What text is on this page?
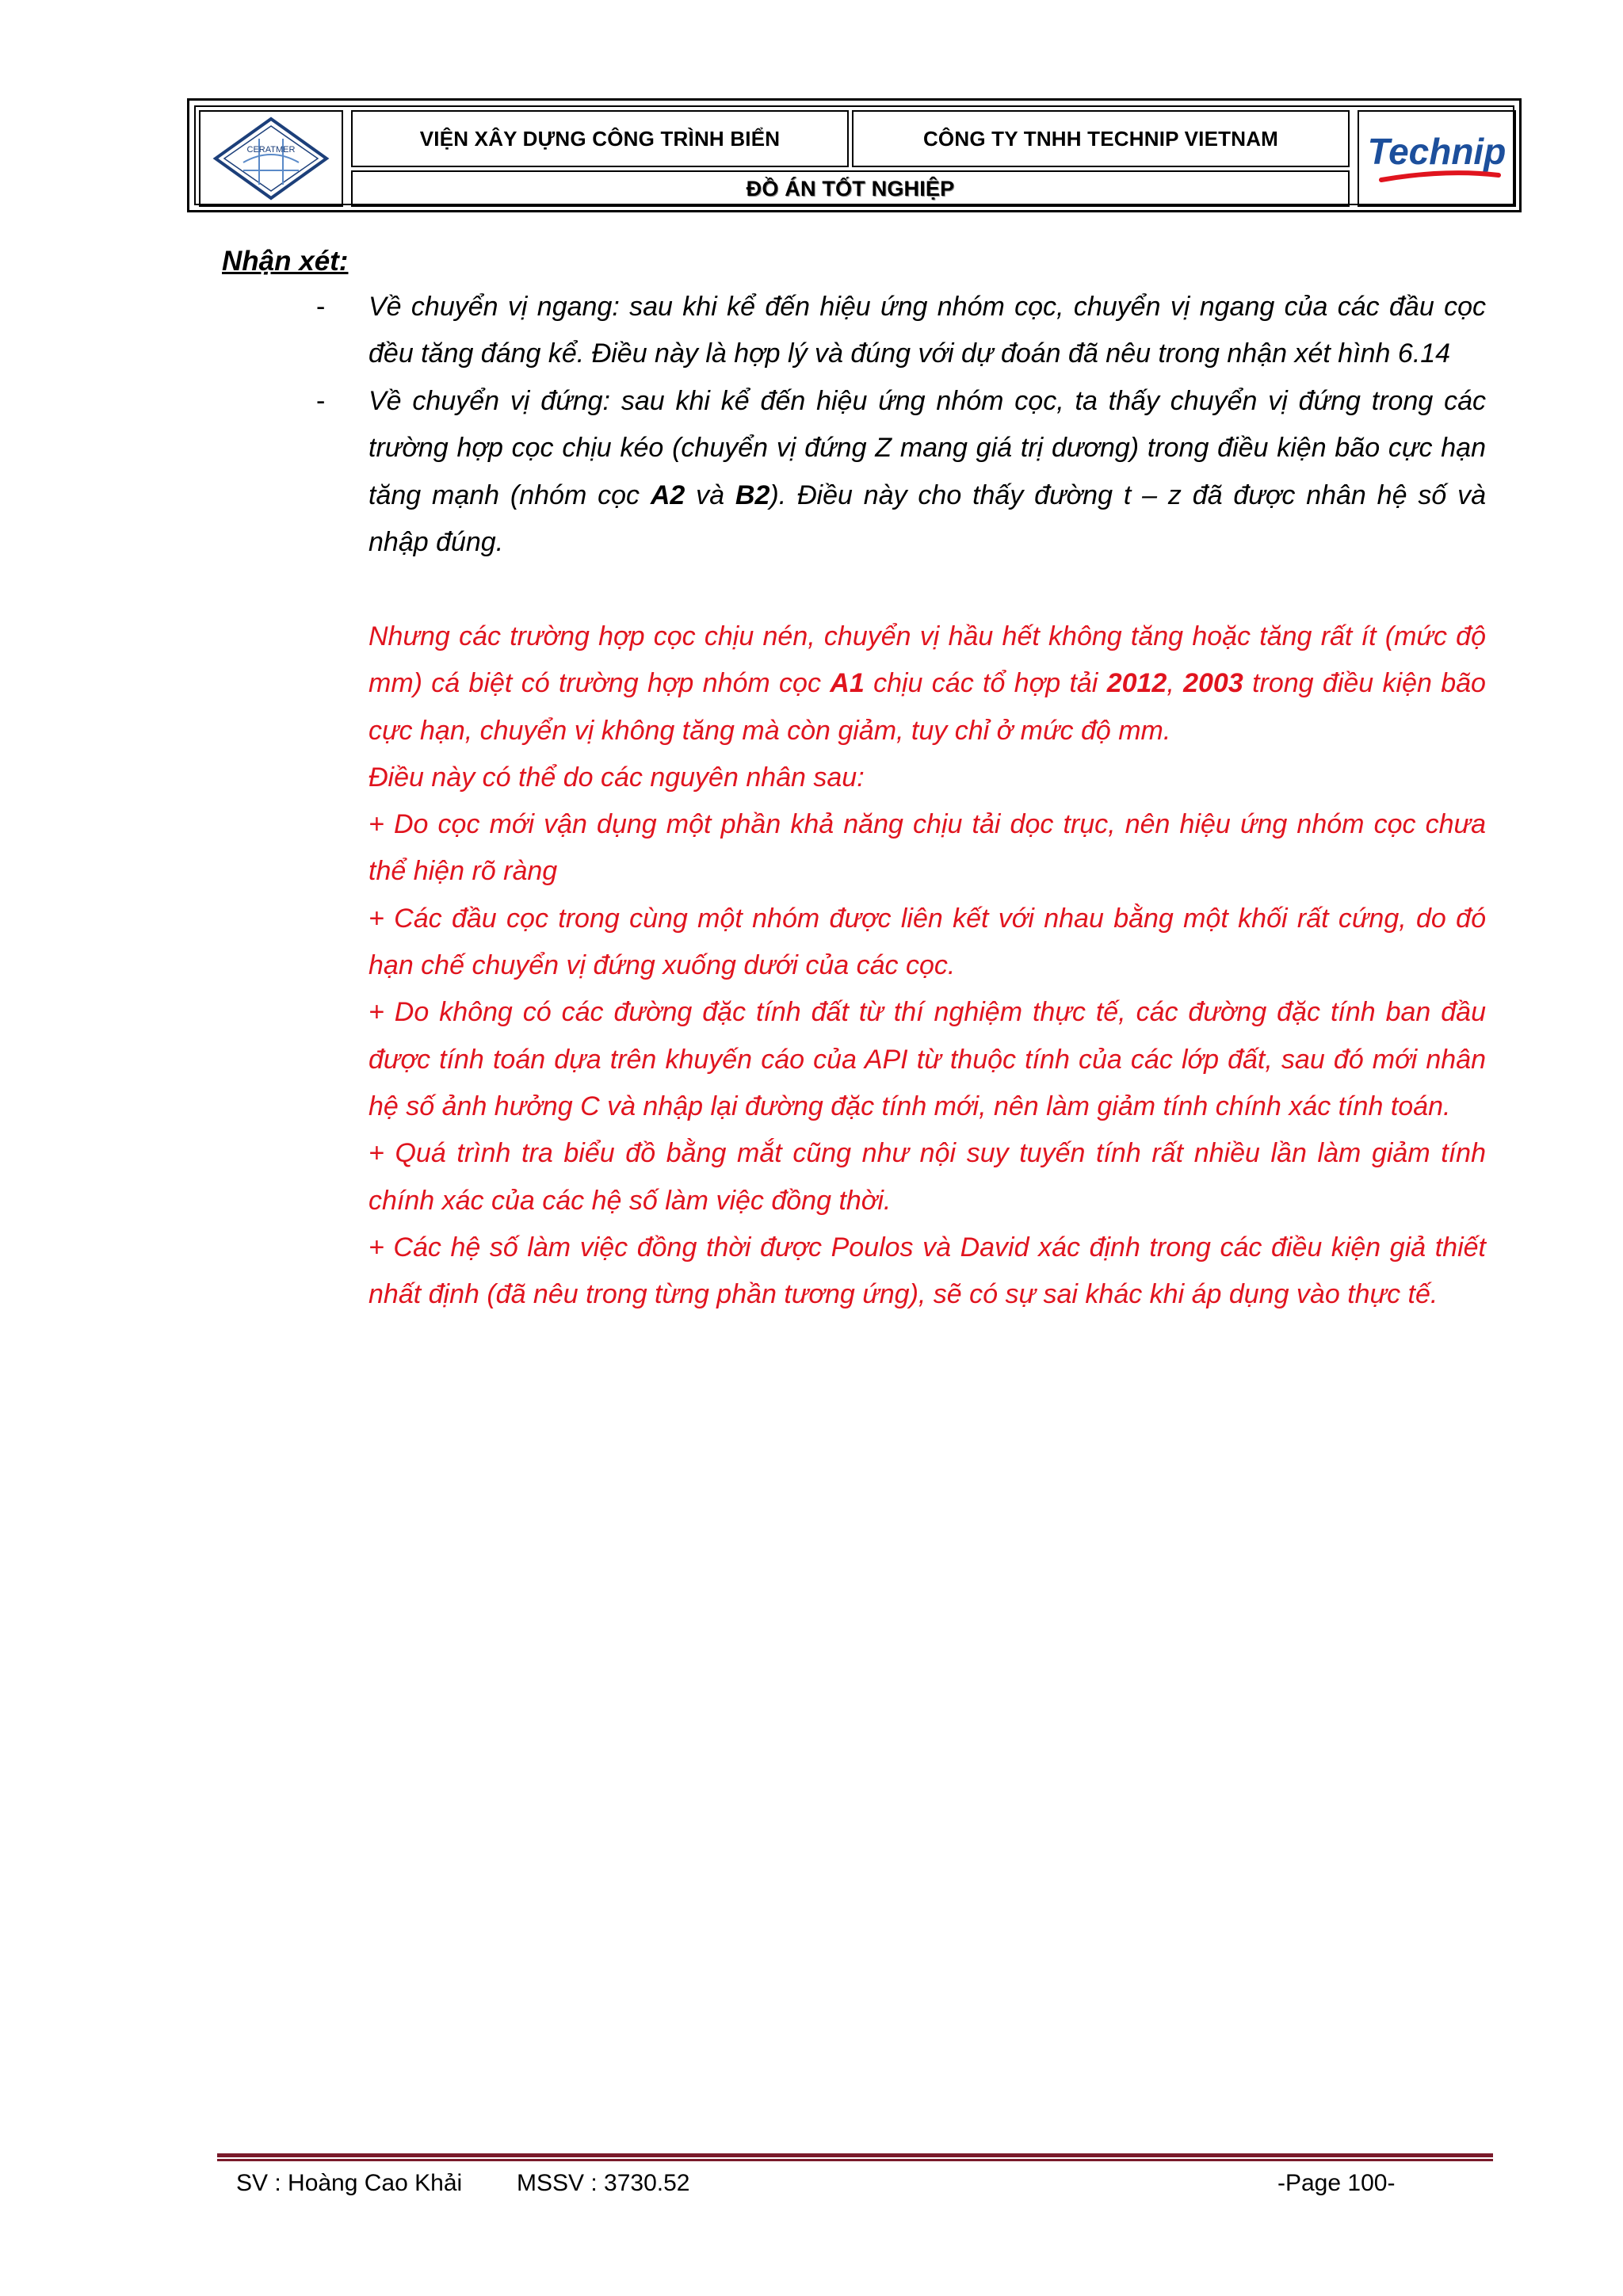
CERATMER	VIỆN XÂY DỰNG CÔNG TRÌNH BIỂN	CÔNG TY TNHH TECHNIP VIETNAM
ĐỒ ÁN TỐT NGHIỆP
Technip
Nhận xét:
- Về chuyển vị ngang: sau khi kể đến hiệu ứng nhóm cọc, chuyển vị ngang của các đầu cọc
đều tăng đáng kể. Điều này là hợp lý và đúng với dự đoán đã nêu trong nhận xét hình 6.14
- Về chuyển vị đứng: sau khi kể đến hiệu ứng nhóm cọc, ta thấy chuyển vị đứng trong các
trường hợp cọc chịu kéo (chuyển vị đứng Z mang giá trị dương) trong điều kiện bão cực hạn
tăng mạnh (nhóm cọc A2 và B2). Điều này cho thấy đường t – z đã được nhân hệ số và
nhập đúng.
Nhưng các trường hợp cọc chịu nén, chuyển vị hầu hết không tăng hoặc tăng rất ít (mức độ
mm) cá biệt có trường hợp nhóm cọc A1 chịu các tổ hợp tải 2012, 2003 trong điều kiện bão
cực hạn, chuyển vị không tăng mà còn giảm, tuy chỉ ở mức độ mm.
Điều này có thể do các nguyên nhân sau:
+ Do cọc mới vận dụng một phần khả năng chịu tải dọc trục, nên hiệu ứng nhóm cọc chưa
thể hiện rõ ràng
+ Các đầu cọc trong cùng một nhóm được liên kết với nhau bằng một khối rất cứng, do đó
hạn chế chuyển vị đứng xuống dưới của các cọc.
+ Do không có các đường đặc tính đất từ thí nghiệm thực tế, các đường đặc tính ban đầu
được tính toán dựa trên khuyến cáo của API từ thuộc tính của các lớp đất, sau đó mới nhân
hệ số ảnh hưởng C và nhập lại đường đặc tính mới, nên làm giảm tính chính xác tính toán.
+ Quá trình tra biểu đồ bằng mắt cũng như nội suy tuyến tính rất nhiều lần làm giảm tính
chính xác của các hệ số làm việc đồng thời.
+ Các hệ số làm việc đồng thời được Poulos và David xác định trong các điều kiện giả thiết
nhất định (đã nêu trong từng phần tương ứng), sẽ có sự sai khác khi áp dụng vào thực tế.
SV : Hoàng Cao Khải MSSV : 3730.52	-Page 100-
